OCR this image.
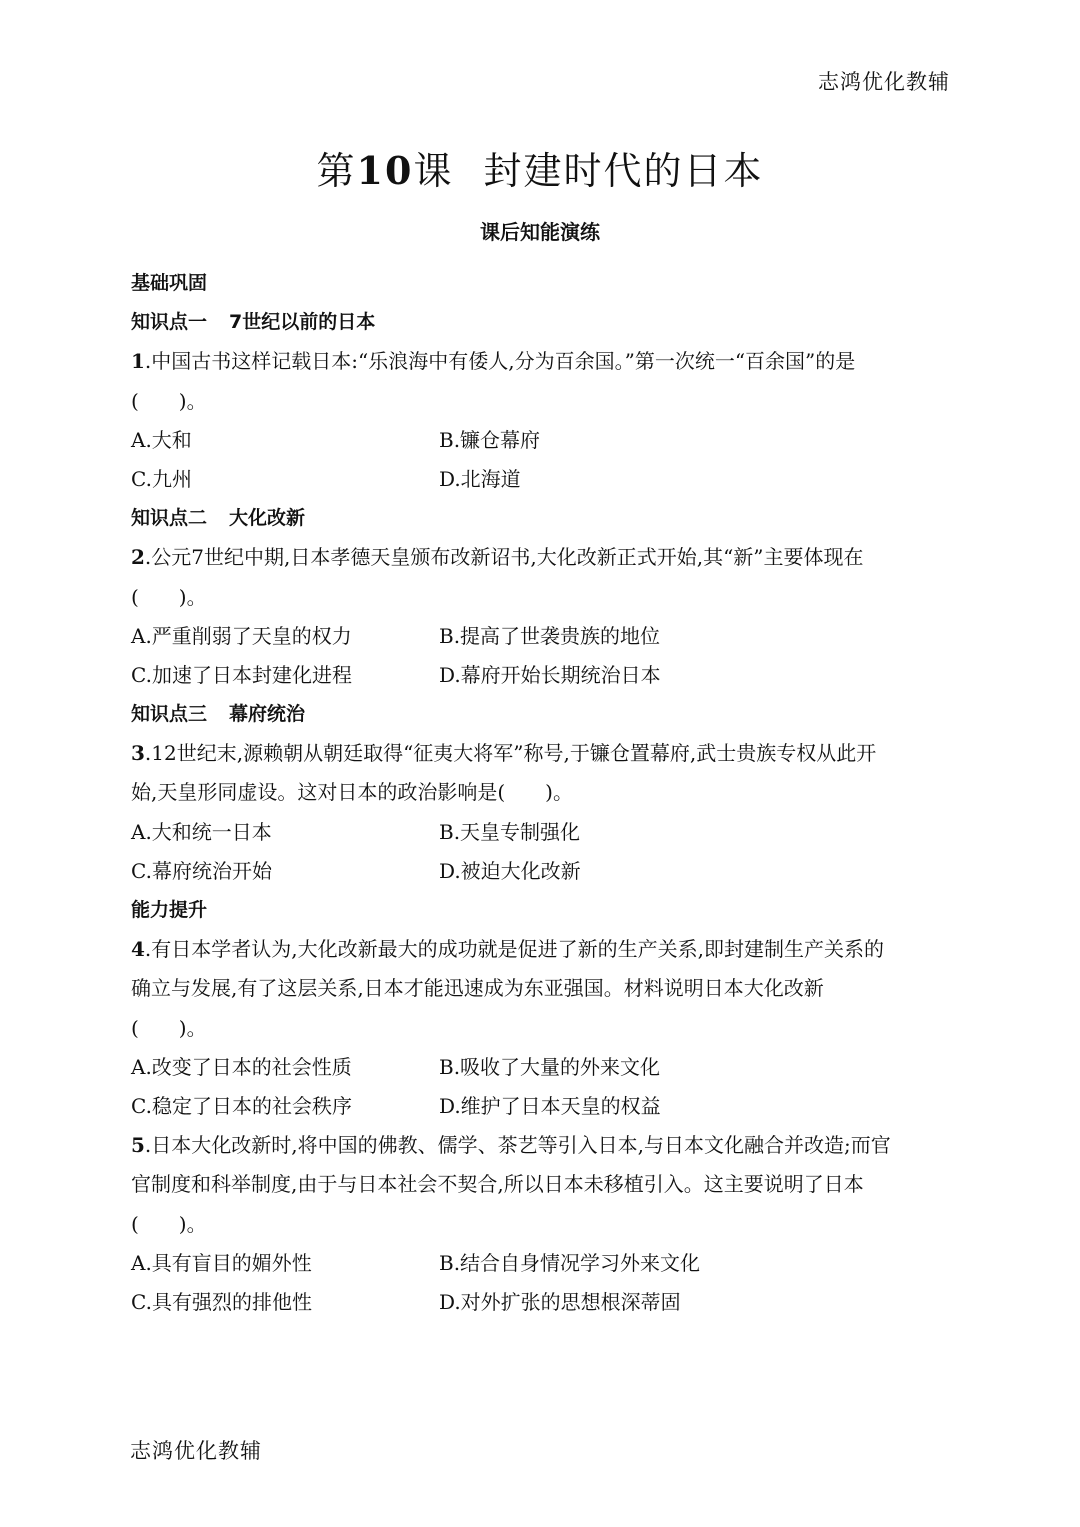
志鸿优化教辅
第10课 封建时代的日本
课后知能演练
基础巩固
知识点一 7世纪以前的日本
1.中国古书这样记载日本:“乐浪海中有倭人,分为百余国。”第一次统一“百余国”的是
(　　)。
A.大和	B.镰仓幕府
C.九州	D.北海道
知识点二 大化改新
2.公元7世纪中期,日本孝德天皇颁布改新诏书,大化改新正式开始,其“新”主要体现在
(　　)。
A.严重削弱了天皇的权力	B.提高了世袭贵族的地位
C.加速了日本封建化进程	D.幕府开始长期统治日本
知识点三 幕府统治
3.12世纪末,源赖朝从朝廷取得“征夷大将军”称号,于镰仓置幕府,武士贵族专权从此开
始,天皇形同虚设。这对日本的政治影响是(　　)。
A.大和统一日本	B.天皇专制强化
C.幕府统治开始	D.被迫大化改新
能力提升
4.有日本学者认为,大化改新最大的成功就是促进了新的生产关系,即封建制生产关系的
确立与发展,有了这层关系,日本才能迅速成为东亚强国。材料说明日本大化改新
(　　)。
A.改变了日本的社会性质	B.吸收了大量的外来文化
C.稳定了日本的社会秩序	D.维护了日本天皇的权益
5.日本大化改新时,将中国的佛教、儒学、茶艺等引入日本,与日本文化融合并改造;而官
官制度和科举制度,由于与日本社会不契合,所以日本未移植引入。这主要说明了日本
(　　)。
A.具有盲目的媚外性	B.结合自身情况学习外来文化
C.具有强烈的排他性	D.对外扩张的思想根深蒂固
志鸿优化教辅
